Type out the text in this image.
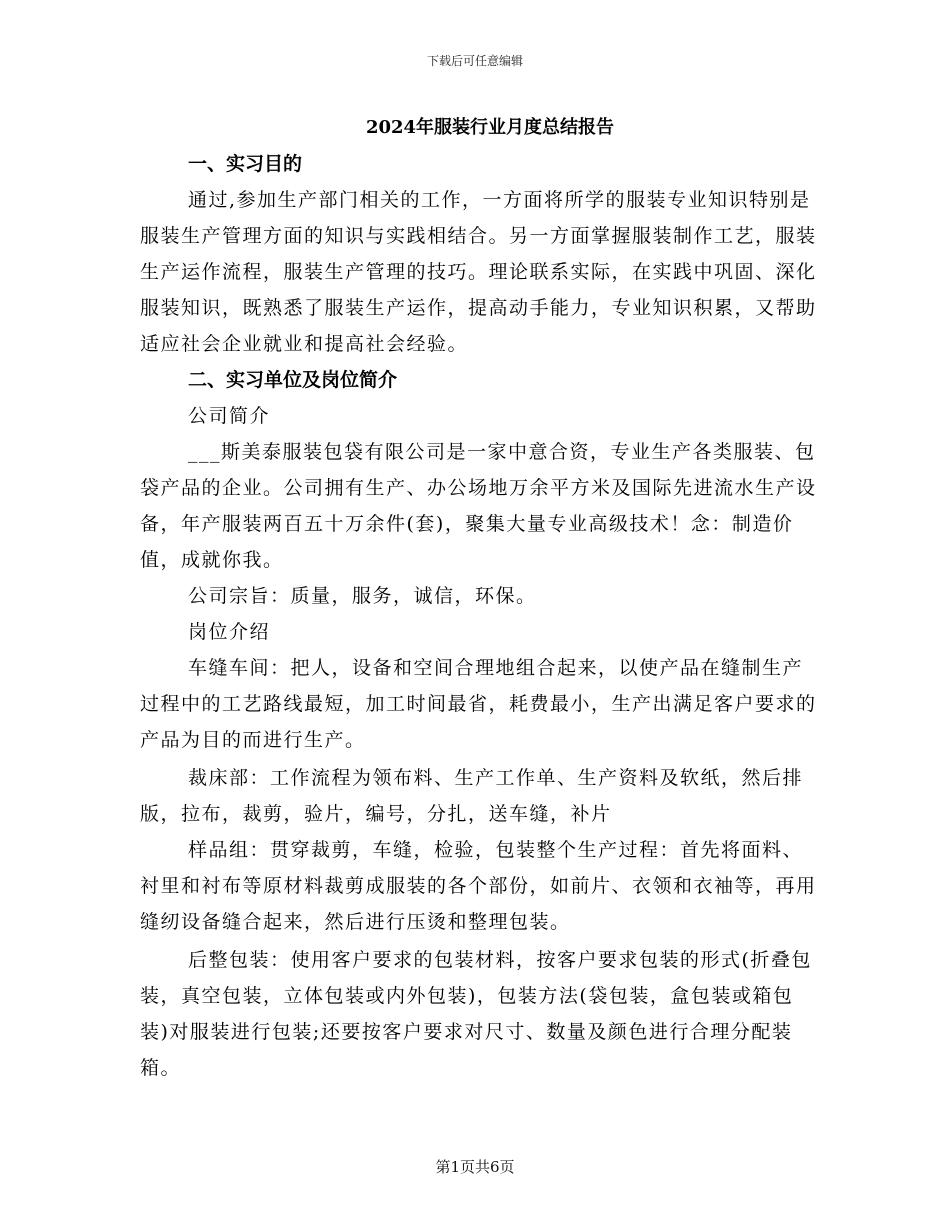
下载后可任意编辑
2024年服装行业月度总结报告
一、实习目的

通过,参加生产部门相关的工作，一方面将所学的服装专业知识特别是服装生产管理方面的知识与实践相结合。另一方面掌握服装制作工艺，服装生产运作流程，服装生产管理的技巧。理论联系实际，在实践中巩固、深化服装知识，既熟悉了服装生产运作，提高动手能力，专业知识积累，又帮助适应社会企业就业和提高社会经验。

二、实习单位及岗位简介

公司简介

___斯美泰服装包袋有限公司是一家中意合资，专业生产各类服装、包袋产品的企业。公司拥有生产、办公场地万余平方米及国际先进流水生产设备，年产服装两百五十万余件(套)，聚集大量专业高级技术！念：制造价值，成就你我。

公司宗旨：质量，服务，诚信，环保。

岗位介绍

车缝车间：把人，设备和空间合理地组合起来，以使产品在缝制生产过程中的工艺路线最短，加工时间最省，耗费最小，生产出满足客户要求的产品为目的而进行生产。

裁床部：工作流程为领布料、生产工作单、生产资料及软纸，然后排版，拉布，裁剪，验片，编号，分扎，送车缝，补片

样品组：贯穿裁剪，车缝，检验，包装整个生产过程：首先将面料、衬里和衬布等原材料裁剪成服装的各个部份，如前片、衣领和衣袖等，再用缝纫设备缝合起来，然后进行压烫和整理包装。

后整包装：使用客户要求的包装材料，按客户要求包装的形式(折叠包装，真空包装，立体包装或内外包装)，包装方法(袋包装，盒包装或箱包装)对服装进行包装;还要按客户要求对尺寸、数量及颜色进行合理分配装箱。

第1页共6页
